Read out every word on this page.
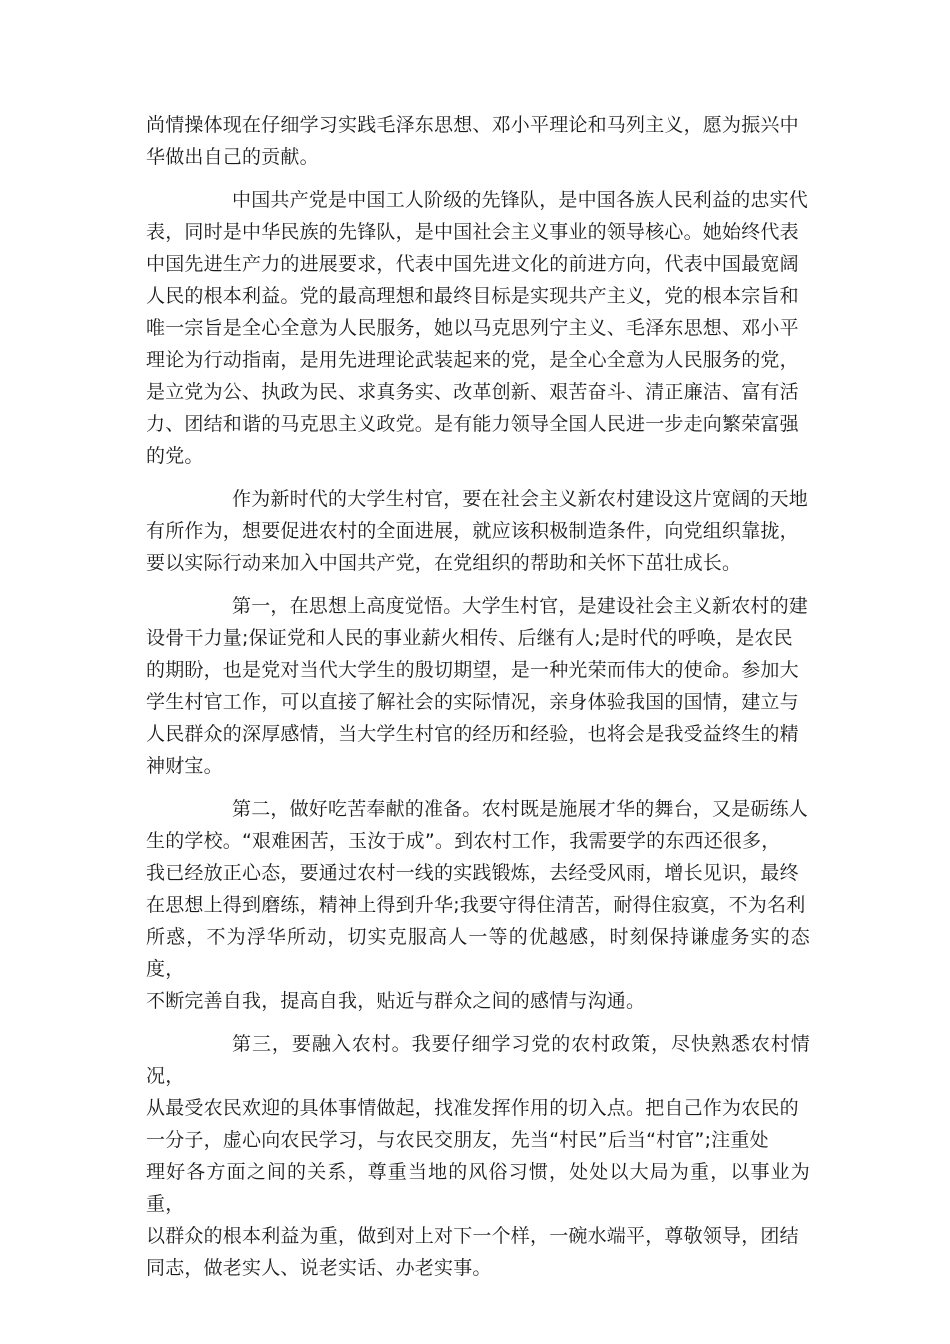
尚情操体现在仔细学习实践毛泽东思想、邓小平理论和马列主义，愿为振兴中
华做出自己的贡献。

中国共产党是中国工人阶级的先锋队，是中国各族人民利益的忠实代
表，同时是中华民族的先锋队，是中国社会主义事业的领导核心。她始终代表
中国先进生产力的进展要求，代表中国先进文化的前进方向，代表中国最宽阔
人民的根本利益。党的最高理想和最终目标是实现共产主义，党的根本宗旨和
唯一宗旨是全心全意为人民服务，她以马克思列宁主义、毛泽东思想、邓小平
理论为行动指南，是用先进理论武装起来的党，是全心全意为人民服务的党，
是立党为公、执政为民、求真务实、改革创新、艰苦奋斗、清正廉洁、富有活
力、团结和谐的马克思主义政党。是有能力领导全国人民进一步走向繁荣富强
的党。

作为新时代的大学生村官，要在社会主义新农村建设这片宽阔的天地
有所作为，想要促进农村的全面进展，就应该积极制造条件，向党组织靠拢，
要以实际行动来加入中国共产党，在党组织的帮助和关怀下茁壮成长。

第一，在思想上高度觉悟。大学生村官，是建设社会主义新农村的建
设骨干力量;保证党和人民的事业薪火相传、后继有人;是时代的呼唤，是农民
的期盼，也是党对当代大学生的殷切期望，是一种光荣而伟大的使命。参加大
学生村官工作，可以直接了解社会的实际情况，亲身体验我国的国情，建立与
人民群众的深厚感情，当大学生村官的经历和经验，也将会是我受益终生的精
神财宝。

第二，做好吃苦奉献的准备。农村既是施展才华的舞台，又是砺练人
生的学校。“艰难困苦，玉汝于成”。到农村工作，我需要学的东西还很多，
我已经放正心态，要通过农村一线的实践锻炼，去经受风雨，增长见识，最终
在思想上得到磨练，精神上得到升华;我要守得住清苦，耐得住寂寞，不为名利
所惑，不为浮华所动，切实克服高人一等的优越感，时刻保持谦虚务实的态度，
不断完善自我，提高自我，贴近与群众之间的感情与沟通。

第三，要融入农村。我要仔细学习党的农村政策，尽快熟悉农村情况，
从最受农民欢迎的具体事情做起，找准发挥作用的切入点。把自己作为农民的
一分子，虚心向农民学习，与农民交朋友，先当“村民”后当“村官”;注重处
理好各方面之间的关系，尊重当地的风俗习惯，处处以大局为重，以事业为重，
以群众的根本利益为重，做到对上对下一个样，一碗水端平，尊敬领导，团结
同志，做老实人、说老实话、办老实事。
